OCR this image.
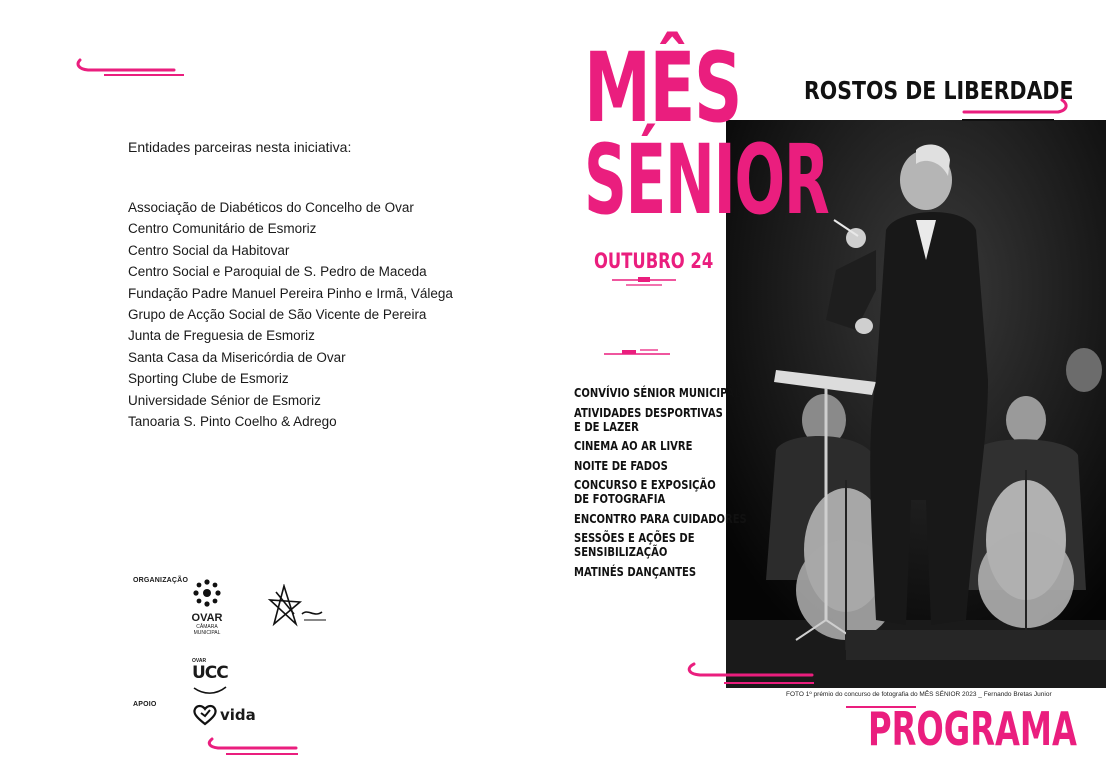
Entidades parceiras nesta iniciativa:
Associação de Diabéticos do Concelho de Ovar
Centro Comunitário de Esmoriz
Centro Social da Habitovar
Centro Social e Paroquial de S. Pedro de Maceda
Fundação Padre Manuel Pereira Pinho e Irmã, Válega
Grupo de Acção Social de São Vicente de Pereira
Junta de Freguesia de Esmoriz
Santa Casa da Misericórdia de Ovar
Sporting Clube de Esmoriz
Universidade Sénior de Esmoriz
Tanoaria S. Pinto Coelho & Adrego
ORGANIZAÇÃO
OVAR
CÂMARA
MUNICIPAL
OVAR
UCC
APOIO
vida
MÊS
SÉNIOR
ROSTOS DE LIBERDADE
OUTUBRO 24
CONVÍVIO SÉNIOR MUNICIPAL
ATIVIDADES DESPORTIVAS
E DE LAZER
CINEMA AO AR LIVRE
NOITE DE FADOS
CONCURSO E EXPOSIÇÃO
DE FOTOGRAFIA
ENCONTRO PARA CUIDADORES
SESSÕES E AÇÕES DE
SENSIBILIZAÇÃO
MATINÉS DANÇANTES
FOTO 1º prémio do concurso de fotografia do MÊS SÉNIOR 2023 _ Fernando Bretas Junior
PROGRAMA
